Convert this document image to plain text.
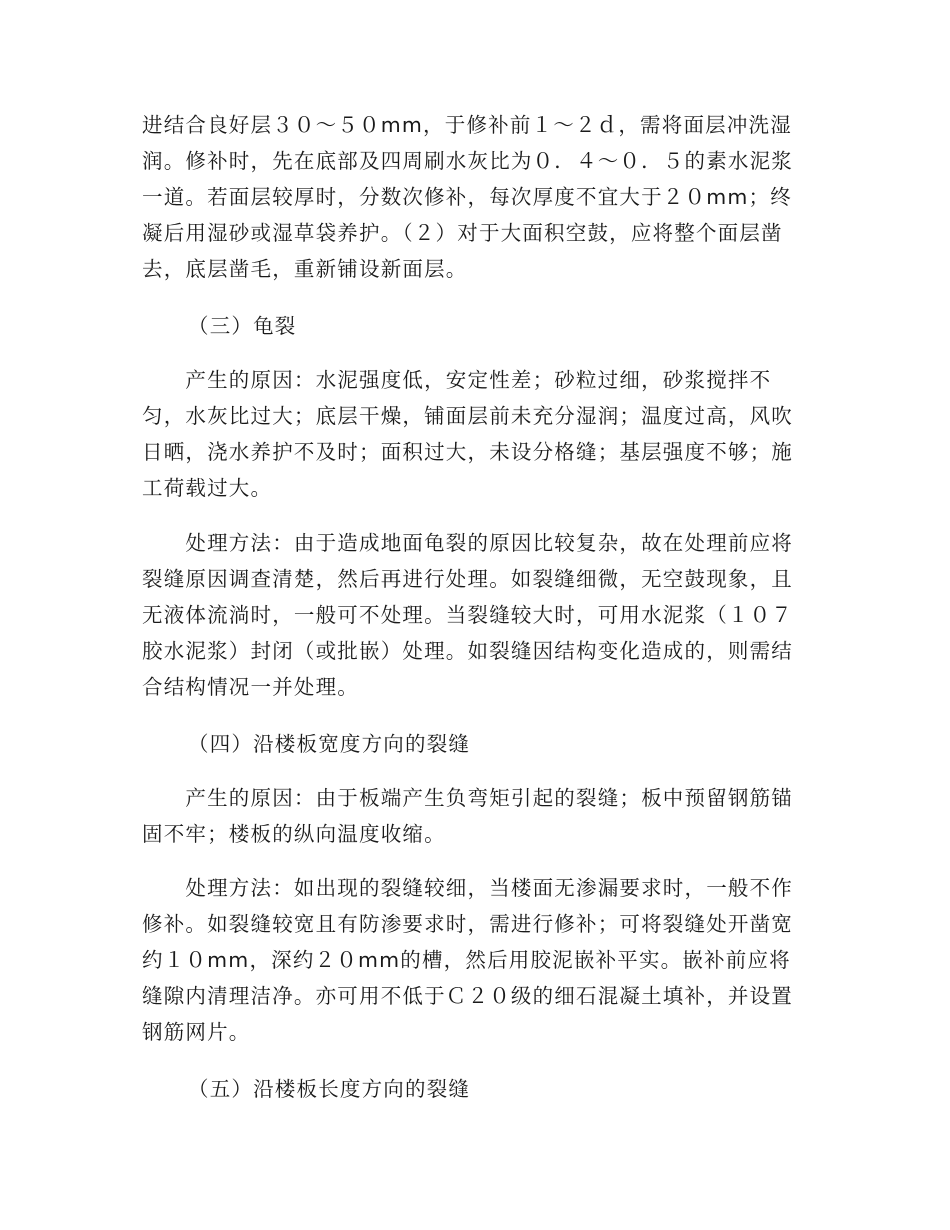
进结合良好层３０～５０mm，于修补前１～２ｄ，需将面层冲洗湿
润。修补时，先在底部及四周刷水灰比为０．４～０．５的素水泥浆
一道。若面层较厚时，分数次修补，每次厚度不宜大于２０mm；终
凝后用湿砂或湿草袋养护。（２）对于大面积空鼓，应将整个面层凿
去，底层凿毛，重新铺设新面层。
（三）龟裂
　　产生的原因：水泥强度低，安定性差；砂粒过细，砂浆搅拌不
匀，水灰比过大；底层干燥，铺面层前未充分湿润；温度过高，风吹
日晒，浇水养护不及时；面积过大，未设分格缝；基层强度不够；施
工荷载过大。
　　处理方法：由于造成地面龟裂的原因比较复杂，故在处理前应将
裂缝原因调查清楚，然后再进行处理。如裂缝细微，无空鼓现象，且
无液体流淌时，一般可不处理。当裂缝较大时，可用水泥浆（１０７
胶水泥浆）封闭（或批嵌）处理。如裂缝因结构变化造成的，则需结
合结构情况一并处理。
（四）沿楼板宽度方向的裂缝
　　产生的原因：由于板端产生负弯矩引起的裂缝；板中预留钢筋锚
固不牢；楼板的纵向温度收缩。
　　处理方法：如出现的裂缝较细，当楼面无渗漏要求时，一般不作
修补。如裂缝较宽且有防渗要求时，需进行修补；可将裂缝处开凿宽
约１０mm，深约２０mm的槽，然后用胶泥嵌补平实。嵌补前应将
缝隙内清理洁净。亦可用不低于Ｃ２０级的细石混凝土填补，并设置
钢筋网片。
（五）沿楼板长度方向的裂缝
